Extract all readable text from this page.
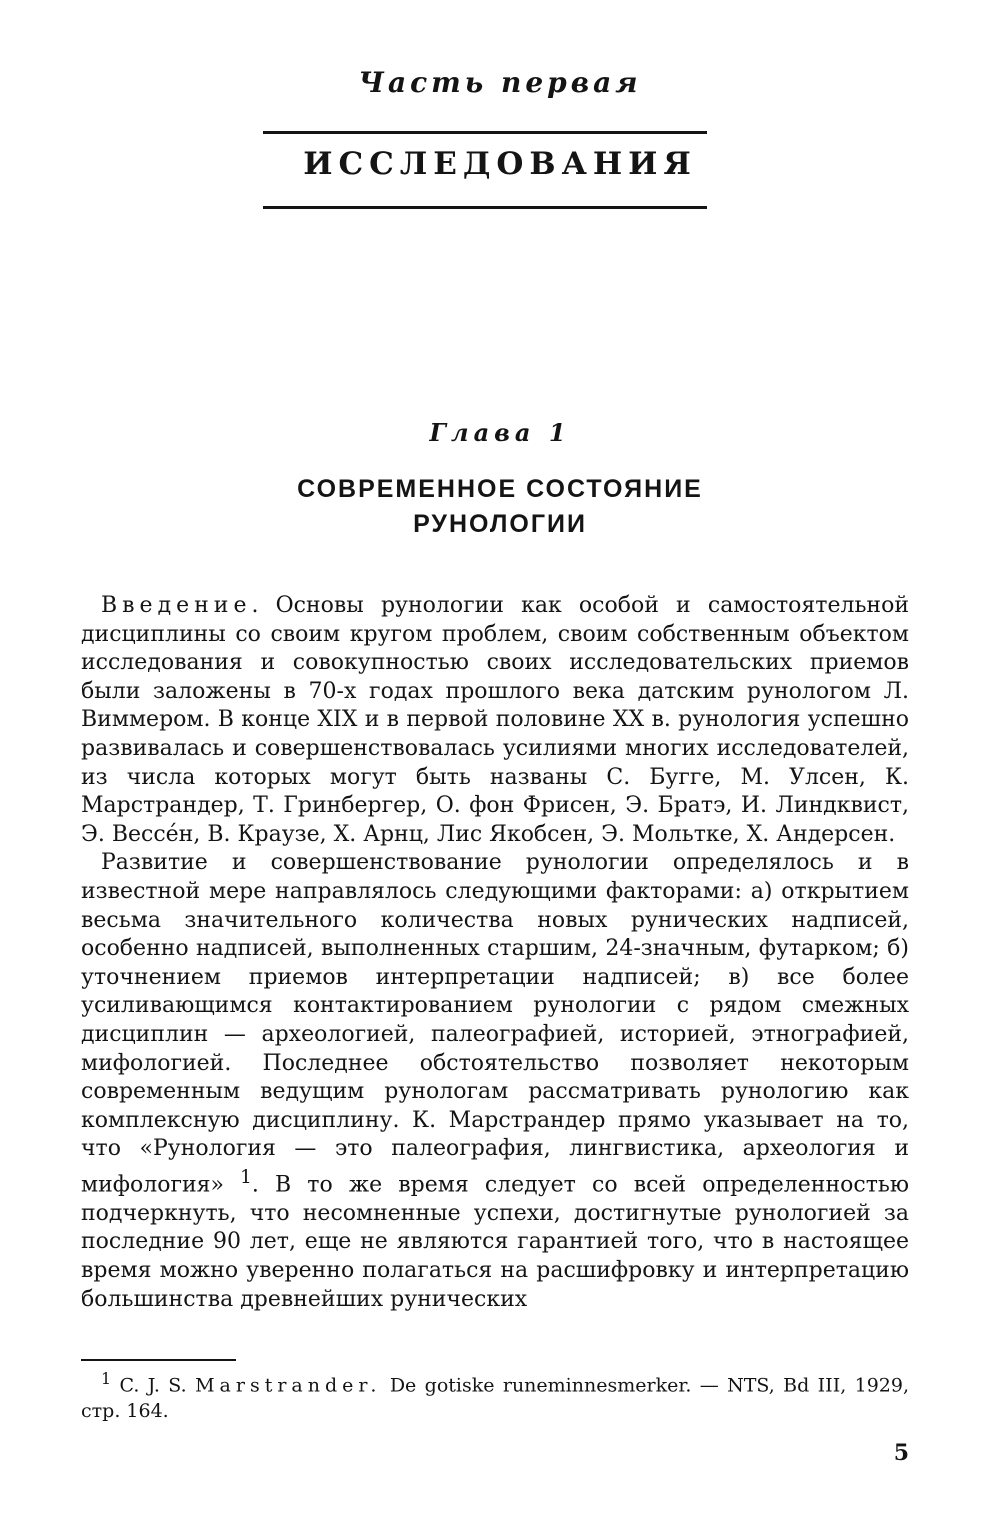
Часть первая
ИССЛЕДОВАНИЯ
Глава 1
СОВРЕМЕННОЕ СОСТОЯНИЕ
РУНОЛОГИИ

Введение. Основы рунологии как особой и самостоятельной дисциплины со своим кругом проблем, своим собственным объектом исследования и совокупностью своих исследовательских приемов были заложены в 70-х годах прошлого века датским рунологом Л. Виммером. В конце XIX и в первой половине XX в. рунология успешно развивалась и совершенствовалась усилиями многих исследователей, из числа которых могут быть названы С. Бугге, М. Улсен, К. Марстрандер, Т. Гринбергер, О. фон Фрисен, Э. Братэ, И. Линдквист, Э. Вессе́н, В. Краузе, Х. Арнц, Лис Якобсен, Э. Мольтке, Х. Андерсен.

Развитие и совершенствование рунологии определялось и в известной мере направлялось следующими факторами: а) открытием весьма значительного количества новых рунических надписей, особенно надписей, выполненных старшим, 24-значным, футарком; б) уточнением приемов интерпретации надписей; в) все более усиливающимся контактированием рунологии с рядом смежных дисциплин — археологией, палеографией, историей, этнографией, мифологией. Последнее обстоятельство позволяет некоторым современным ведущим рунологам рассматривать рунологию как комплексную дисциплину. К. Марстрандер прямо указывает на то, что «Рунология — это палеография, лингвистика, археология и мифология» $^1$. В то же время следует со всей определенностью подчеркнуть, что несомненные успехи, достигнутые рунологией за последние 90 лет, еще не являются гарантией того, что в настоящее время можно уверенно полагаться на расшифровку и интерпретацию большинства древнейших рунических

$^1$ C. J. S. Marstrander. De gotiske runeminnesmerker. — NTS, Bd III, 1929, стр. 164.

5
